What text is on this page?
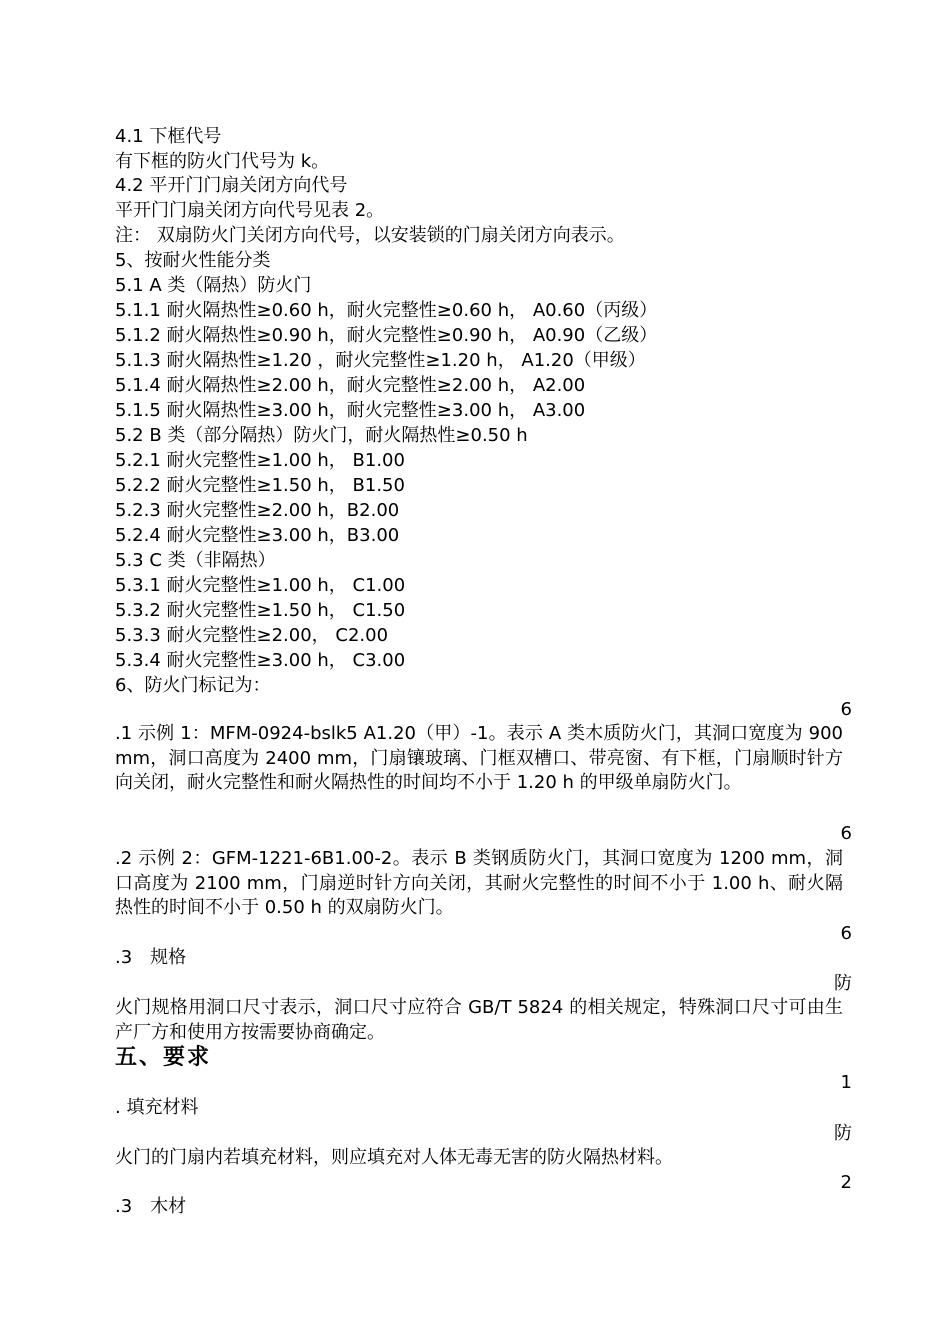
4.1 下框代号
有下框的防火门代号为 k。
4.2 平开门门扇关闭方向代号
平开门门扇关闭方向代号见表 2。
注： 双扇防火门关闭方向代号，以安装锁的门扇关闭方向表示。
5、按耐火性能分类
5.1 A 类（隔热）防火门
5.1.1 耐火隔热性≥0.60 h，耐火完整性≥0.60 h， A0.60（丙级）
5.1.2 耐火隔热性≥0.90 h，耐火完整性≥0.90 h， A0.90（乙级）
5.1.3 耐火隔热性≥1.20 ，耐火完整性≥1.20 h， A1.20（甲级）
5.1.4 耐火隔热性≥2.00 h，耐火完整性≥2.00 h， A2.00
5.1.5 耐火隔热性≥3.00 h，耐火完整性≥3.00 h， A3.00
5.2 B 类（部分隔热）防火门，耐火隔热性≥0.50 h
5.2.1 耐火完整性≥1.00 h， B1.00
5.2.2 耐火完整性≥1.50 h， B1.50
5.2.3 耐火完整性≥2.00 h，B2.00
5.2.4 耐火完整性≥3.00 h，B3.00
5.3 C 类（非隔热）
5.3.1 耐火完整性≥1.00 h， C1.00
5.3.2 耐火完整性≥1.50 h， C1.50
5.3.3 耐火完整性≥2.00， C2.00
5.3.4 耐火完整性≥3.00 h， C3.00
6、防火门标记为：
6
.1 示例 1：MFM-0924-bslk5 A1.20（甲）-1。表示 A 类木质防火门，其洞口宽度为 900 mm，洞口高度为 2400 mm，门扇镶玻璃、门框双槽口、带亮窗、有下框，门扇顺时针方向关闭，耐火完整性和耐火隔热性的时间均不小于 1.20 h 的甲级单扇防火门。
6
.2 示例 2：GFM-1221-6B1.00-2。表示 B 类钢质防火门，其洞口宽度为 1200 mm，洞口高度为 2100 mm，门扇逆时针方向关闭，其耐火完整性的时间不小于 1.00 h、耐火隔热性的时间不小于 0.50 h 的双扇防火门。
6
.3　规格
防
火门规格用洞口尺寸表示，洞口尺寸应符合 GB/T 5824 的相关规定，特殊洞口尺寸可由生产厂方和使用方按需要协商确定。
五、要求
1
. 填充材料
防
火门的门扇内若填充材料，则应填充对人体无毒无害的防火隔热材料。
2
.3　木材
